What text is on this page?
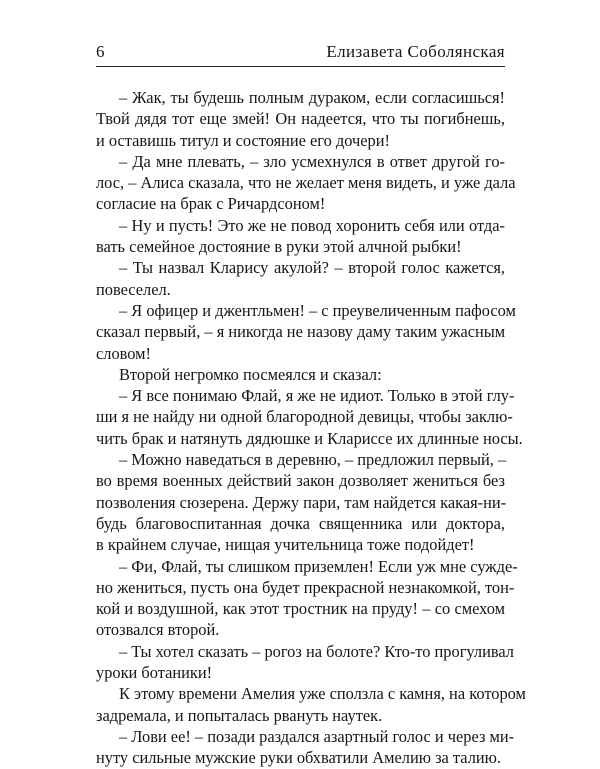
6	Елизавета Соболянская
– Жак, ты будешь полным дураком, если согласишься!
Твой дядя тот еще змей! Он надеется, что ты погибнешь,
и оставишь титул и состояние его дочери!
– Да мне плевать, – зло усмехнулся в ответ другой го-
лос, – Алиса сказала, что не желает меня видеть, и уже дала
согласие на брак с Ричардсоном!
– Ну и пусть! Это же не повод хоронить себя или отда-
вать семейное достояние в руки этой алчной рыбки!
– Ты назвал Кларису акулой? – второй голос кажется,
повеселел.
– Я офицер и джентльмен! – с преувеличенным пафосом
сказал первый, – я никогда не назову даму таким ужасным
словом!
Второй негромко посмеялся и сказал:
– Я все понимаю Флай, я же не идиот. Только в этой глу-
ши я не найду ни одной благородной девицы, чтобы заклю-
чить брак и натянуть дядюшке и Клариссе их длинные носы.
– Можно наведаться в деревню, – предложил первый, –
во время военных действий закон дозволяет жениться без
позволения сюзерена. Держу пари, там найдется какая-ни-
будь благовоспитанная дочка священника или доктора,
в крайнем случае, нищая учительница тоже подойдет!
– Фи, Флай, ты слишком приземлен! Если уж мне сужде-
но жениться, пусть она будет прекрасной незнакомкой, тон-
кой и воздушной, как этот тростник на пруду! – со смехом
отозвался второй.
– Ты хотел сказать – рогоз на болоте? Кто-то прогуливал
уроки ботаники!
К этому времени Амелия уже сползла с камня, на котором
задремала, и попыталась рвануть наутек.
– Лови ее! – позади раздался азартный голос и через ми-
нуту сильные мужские руки обхватили Амелию за талию.
